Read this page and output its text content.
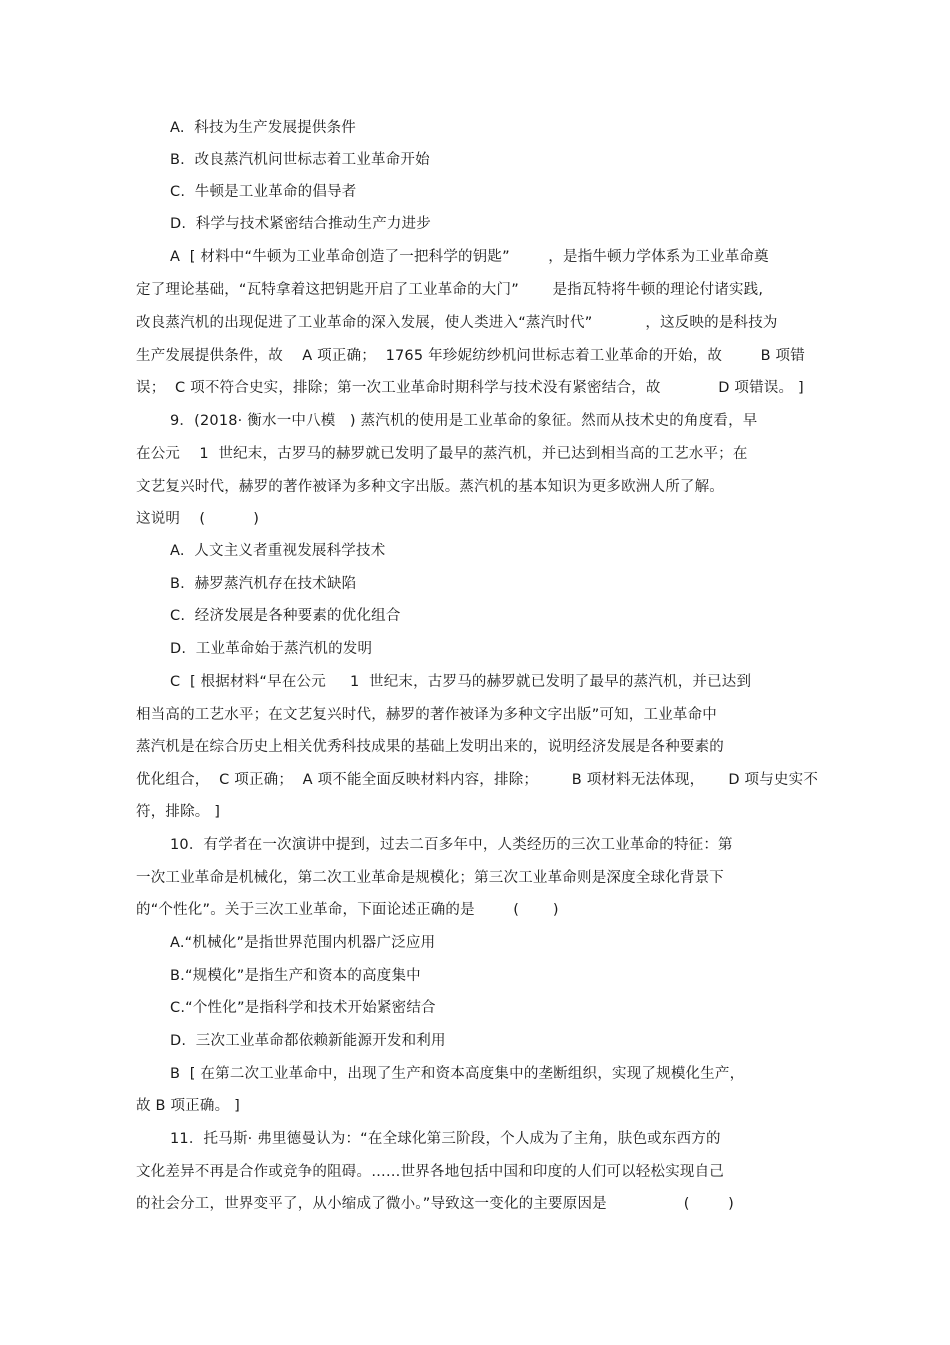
A.  科技为生产发展提供条件
B.  改良蒸汽机问世标志着工业革命开始
C.  牛顿是工业革命的倡导者
D.  科学与技术紧密结合推动生产力进步
A  [ 材料中“牛顿为工业革命创造了一把科学的钥匙”        ，是指牛顿力学体系为工业革命奠
定了理论基础，“瓦特拿着这把钥匙开启了工业革命的大门”       是指瓦特将牛顿的理论付诸实践,
改良蒸汽机的出现促进了工业革命的深入发展，使人类进入“蒸汽时代”           ，这反映的是科技为
生产发展提供条件，故    A 项正确；  1765 年珍妮纺纱机问世标志着工业革命的开始，故        B 项错
误；  C 项不符合史实，排除；第一次工业革命时期科学与技术没有紧密结合，故            D 项错误。 ]
9．(2018· 衡水一中八模   ) 蒸汽机的使用是工业革命的象征。然而从技术史的角度看，早
在公元    1  世纪末，古罗马的赫罗就已发明了最早的蒸汽机，并已达到相当高的工艺水平；在
文艺复兴时代，赫罗的著作被译为多种文字出版。蒸汽机的基本知识为更多欧洲人所了解。
这说明    (          )
A.  人文主义者重视发展科学技术
B.  赫罗蒸汽机存在技术缺陷
C.  经济发展是各种要素的优化组合
D.  工业革命始于蒸汽机的发明
C  [ 根据材料“早在公元     1  世纪末，古罗马的赫罗就已发明了最早的蒸汽机，并已达到
相当高的工艺水平；在文艺复兴时代，赫罗的著作被译为多种文字出版”可知，工业革命中
蒸汽机是在综合历史上相关优秀科技成果的基础上发明出来的，说明经济发展是各种要素的
优化组合，  C 项正确；  A 项不能全面反映材料内容，排除；       B 项材料无法体现，     D 项与史实不
符，排除。 ]
10．有学者在一次演讲中提到，过去二百多年中，人类经历的三次工业革命的特征：第
一次工业革命是机械化，第二次工业革命是规模化；第三次工业革命则是深度全球化背景下
的“个性化”。关于三次工业革命，下面论述正确的是        (       )
A.“机械化”是指世界范围内机器广泛应用
B.“规模化”是指生产和资本的高度集中
C.“个性化”是指科学和技术开始紧密结合
D.  三次工业革命都依赖新能源开发和利用
B  [ 在第二次工业革命中，出现了生产和资本高度集中的垄断组织，实现了规模化生产，
故 B 项正确。 ]
11．托马斯· 弗里德曼认为：“在全球化第三阶段，个人成为了主角，肤色或东西方的
文化差异不再是合作或竞争的阻碍。……世界各地包括中国和印度的人们可以轻松实现自己
的社会分工，世界变平了，从小缩成了微小。”导致这一变化的主要原因是                (        )
